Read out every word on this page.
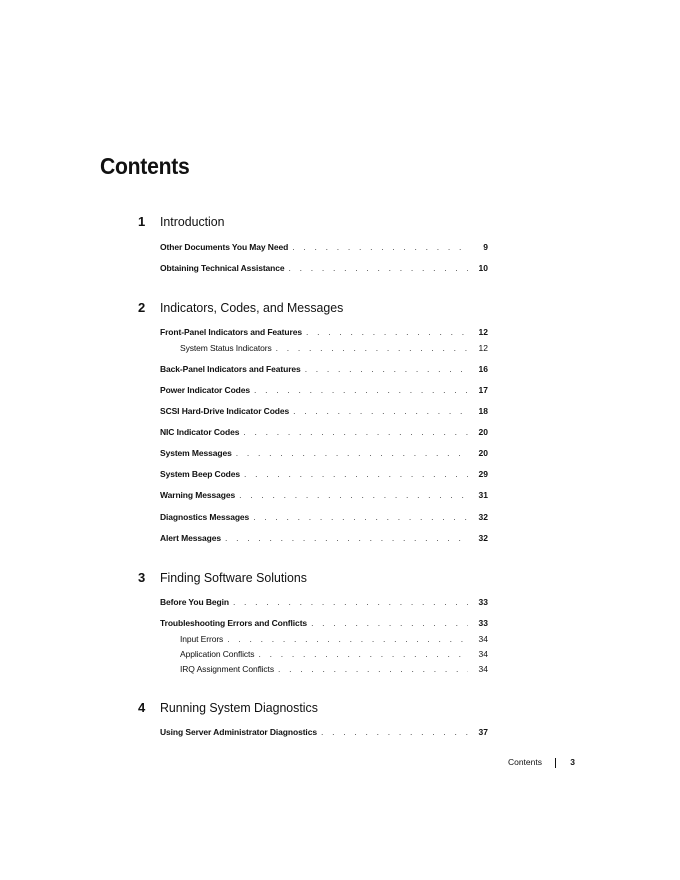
Contents
1	Introduction
Other Documents You May Need . . .	9
Obtaining Technical Assistance . . .	10
2	Indicators, Codes, and Messages
Front-Panel Indicators and Features . . .	12
System Status Indicators . . .	12
Back-Panel Indicators and Features . . .	16
Power Indicator Codes . . .	17
SCSI Hard-Drive Indicator Codes . . .	18
NIC Indicator Codes . . .	20
System Messages . . .	20
System Beep Codes . . .	29
Warning Messages . . .	31
Diagnostics Messages . . .	32
Alert Messages . . .	32
3	Finding Software Solutions
Before You Begin . . .	33
Troubleshooting Errors and Conflicts . . .	33
Input Errors . . .	34
Application Conflicts . . .	34
IRQ Assignment Conflicts . . .	34
4	Running System Diagnostics
Using Server Administrator Diagnostics . . .	37
Contents	3
